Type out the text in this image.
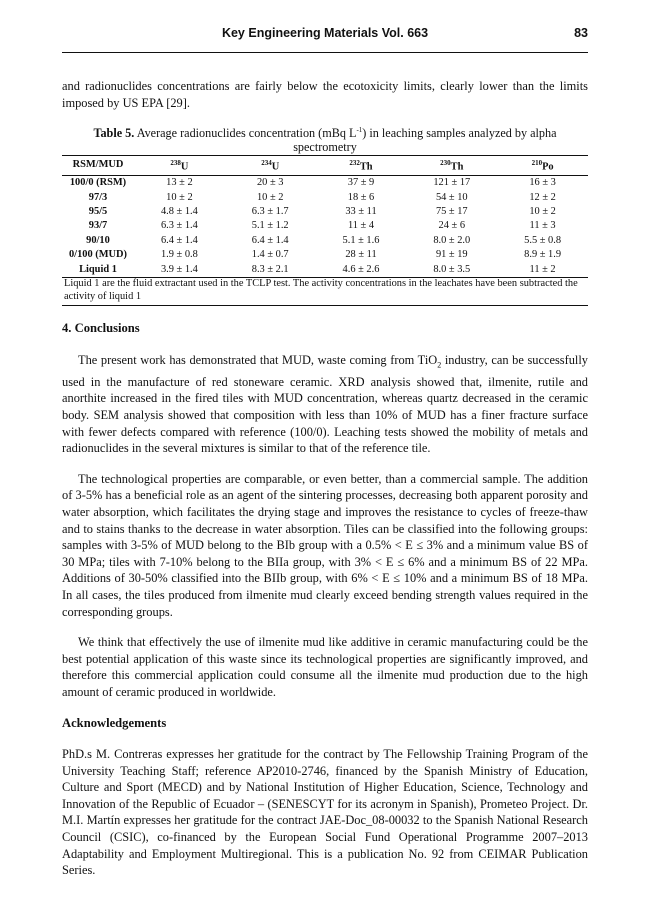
Key Engineering Materials Vol. 663	83

and radionuclides concentrations are fairly below the ecotoxicity limits, clearly lower than the limits imposed by US EPA [29].

Table 5. Average radionuclides concentration (mBq $L^{-1}$) in leaching samples analyzed by alpha spectrometry
RSM/MUD	$^{238}$U	$^{234}$U	$^{232}$Th	$^{230}$Th	$^{210}$Po
100/0 (RSM)	13 ± 2	20 ± 3	37 ± 9	121 ± 17	16 ± 3
97/3	10 ± 2	10 ± 2	18 ± 6	54 ± 10	12 ± 2
95/5	4.8 ± 1.4	6.3 ± 1.7	33 ± 11	75 ± 17	10 ± 2
93/7	6.3 ± 1.4	5.1 ± 1.2	11 ± 4	24 ± 6	11 ± 3
90/10	6.4 ± 1.4	6.4 ± 1.4	5.1 ± 1.6	8.0 ± 2.0	5.5 ± 0.8
0/100 (MUD)	1.9 ± 0.8	1.4 ± 0.7	28 ± 11	91 ± 19	8.9 ± 1.9
Liquid 1	3.9 ± 1.4	8.3 ± 2.1	4.6 ± 2.6	8.0 ± 3.5	11 ± 2
Liquid 1 are the fluid extractant used in the TCLP test. The activity concentrations in the leachates have been subtracted the activity of liquid 1
4. Conclusions

The present work has demonstrated that MUD, waste coming from TiO$_2$ industry, can be successfully used in the manufacture of red stoneware ceramic. XRD analysis showed that, ilmenite, rutile and anorthite increased in the fired tiles with MUD concentration, whereas quartz decreased in the ceramic body. SEM analysis showed that composition with less than 10% of MUD has a finer fracture surface with fewer defects compared with reference (100/0). Leaching tests showed the mobility of metals and radionuclides in the several mixtures is similar to that of the reference tile.

The technological properties are comparable, or even better, than a commercial sample. The addition of 3-5% has a beneficial role as an agent of the sintering processes, decreasing both apparent porosity and water absorption, which facilitates the drying stage and improves the resistance to cycles of freeze-thaw and to stains thanks to the decrease in water absorption. Tiles can be classified into the following groups: samples with 3-5% of MUD belong to the BIb group with a 0.5% < E ≤ 3% and a minimum value BS of 30 MPa; tiles with 7-10% belong to the BIIa group, with 3% < E ≤ 6% and a minimum BS of 22 MPa. Additions of 30-50% classified into the BIIb group, with 6% < E ≤ 10% and a minimum BS of 18 MPa. In all cases, the tiles produced from ilmenite mud clearly exceed bending strength values required in the corresponding groups.

We think that effectively the use of ilmenite mud like additive in ceramic manufacturing could be the best potential application of this waste since its technological properties are significantly improved, and therefore this commercial application could consume all the ilmenite mud production due to the high amount of ceramic produced in worldwide.

Acknowledgements

PhD.s M. Contreras expresses her gratitude for the contract by The Fellowship Training Program of the University Teaching Staff; reference AP2010-2746, financed by the Spanish Ministry of Education, Culture and Sport (MECD) and by National Institution of Higher Education, Science, Technology and Innovation of the Republic of Ecuador – (SENESCYT for its acronym in Spanish), Prometeo Project. Dr. M.I. Martín expresses her gratitude for the contract JAE-Doc_08-00032 to the Spanish National Research Council (CSIC), co-financed by the European Social Fund Operational Programme 2007–2013 Adaptability and Employment Multiregional. This is a publication No. 92 from CEIMAR Publication Series.
